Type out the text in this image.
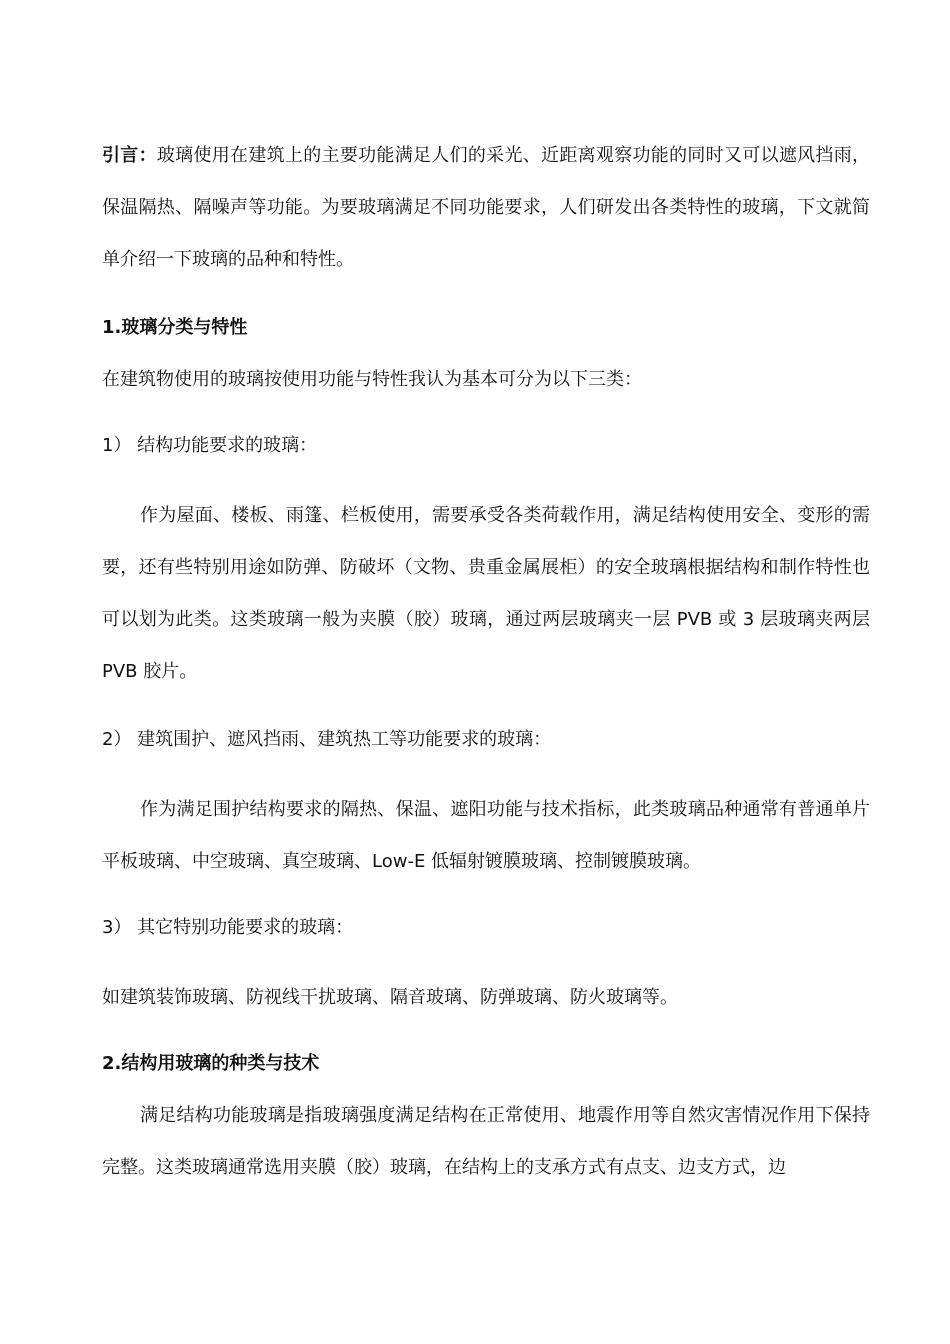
引言：玻璃使用在建筑上的主要功能满足人们的采光、近距离观察功能的同时又可以遮风挡雨，保温隔热、隔噪声等功能。为要玻璃满足不同功能要求，人们研发出各类特性的玻璃，下文就简单介绍一下玻璃的品种和特性。

1.玻璃分类与特性

在建筑物使用的玻璃按使用功能与特性我认为基本可分为以下三类：

1） 结构功能要求的玻璃：

作为屋面、楼板、雨篷、栏板使用，需要承受各类荷载作用，满足结构使用安全、变形的需要，还有些特别用途如防弹、防破坏（文物、贵重金属展柜）的安全玻璃根据结构和制作特性也可以划为此类。这类玻璃一般为夹膜（胶）玻璃，通过两层玻璃夹一层 PVB 或 3 层玻璃夹两层 PVB 胶片。

2） 建筑围护、遮风挡雨、建筑热工等功能要求的玻璃：

作为满足围护结构要求的隔热、保温、遮阳功能与技术指标，此类玻璃品种通常有普通单片平板玻璃、中空玻璃、真空玻璃、Low-E 低辐射镀膜玻璃、控制镀膜玻璃。

3） 其它特别功能要求的玻璃：

如建筑装饰玻璃、防视线干扰玻璃、隔音玻璃、防弹玻璃、防火玻璃等。

2.结构用玻璃的种类与技术

满足结构功能玻璃是指玻璃强度满足结构在正常使用、地震作用等自然灾害情况作用下保持完整。这类玻璃通常选用夹膜（胶）玻璃，在结构上的支承方式有点支、边支方式，边
